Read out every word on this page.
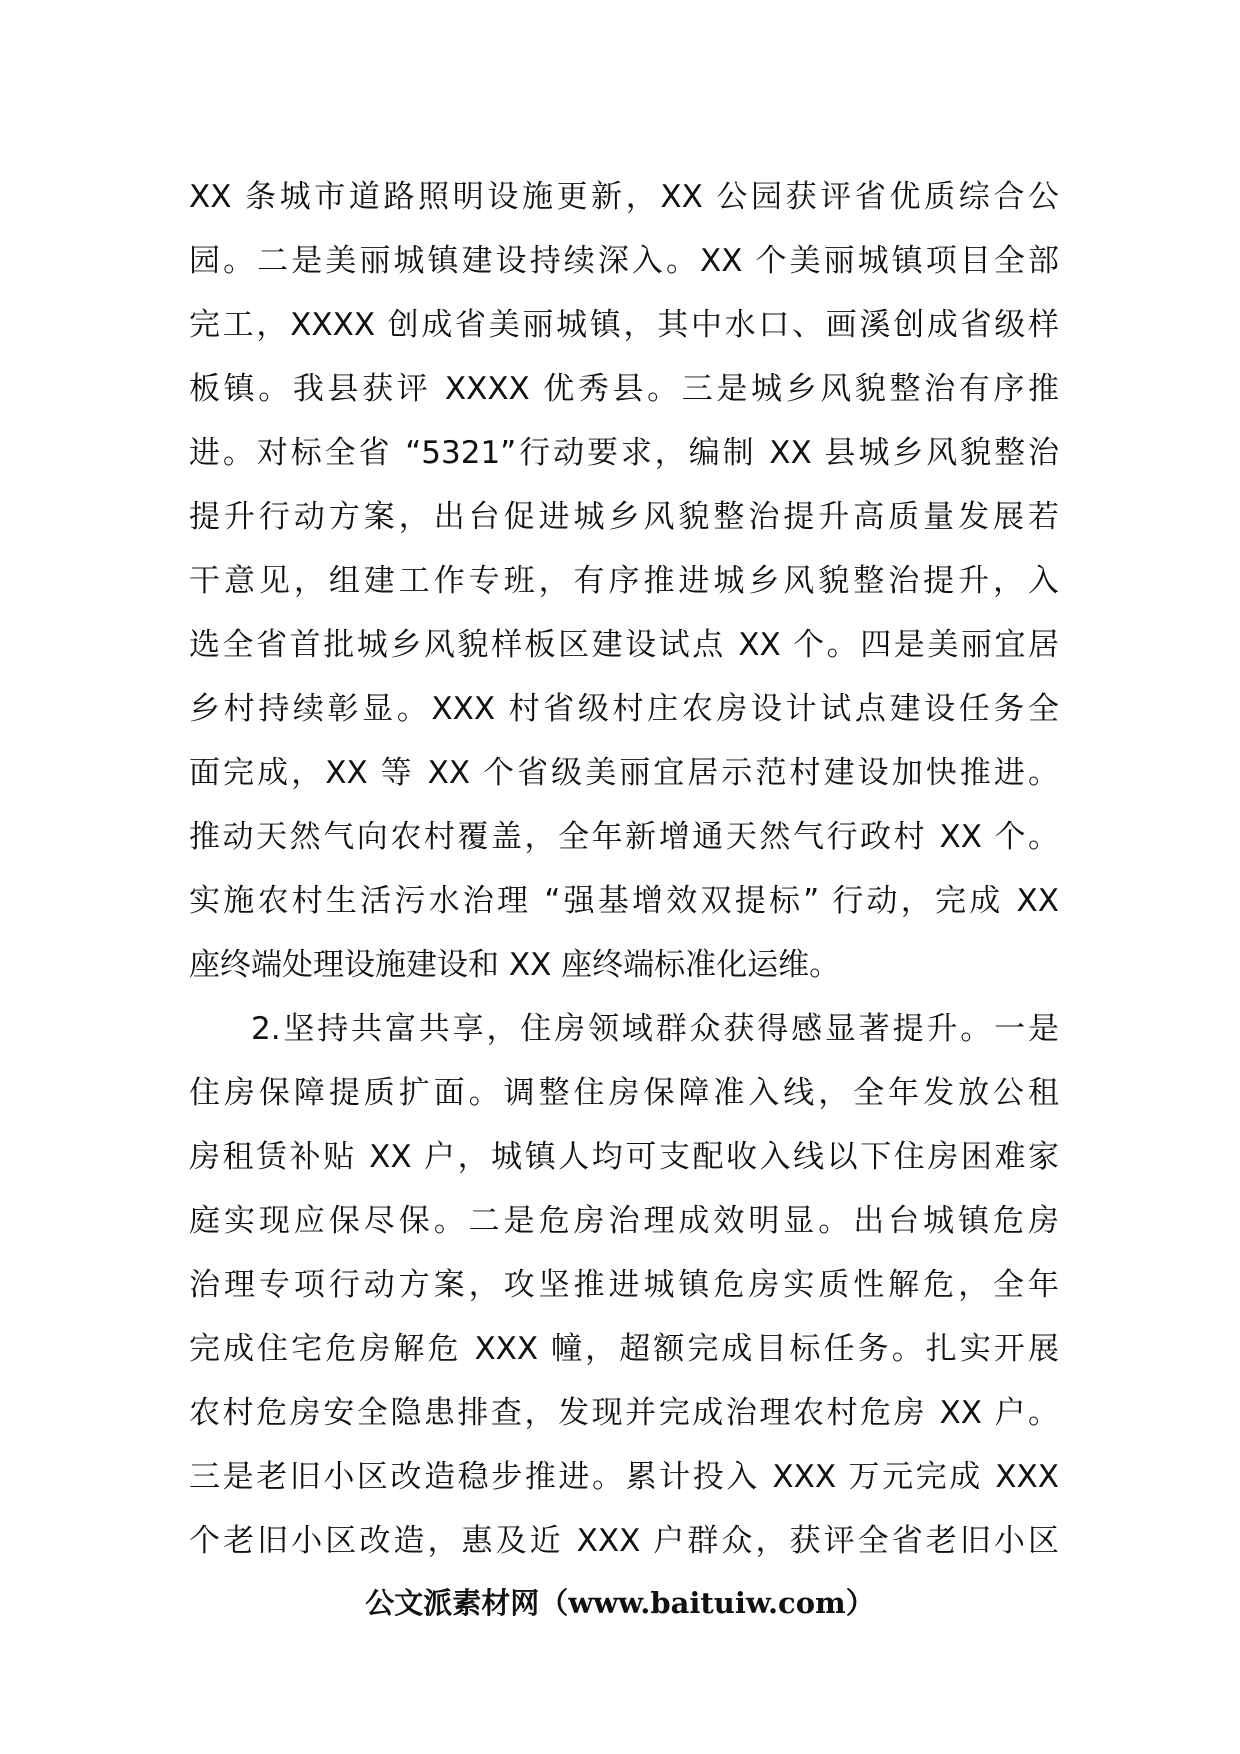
XX 条城市道路照明设施更新，XX 公园获评省优质综合公
园。二是美丽城镇建设持续深入。XX 个美丽城镇项目全部
完工，XXXX 创成省美丽城镇，其中水口、画溪创成省级样
板镇。我县获评 XXXX 优秀县。三是城乡风貌整治有序推
进。对标全省 “5321”行动要求，编制 XX 县城乡风貌整治
提升行动方案，出台促进城乡风貌整治提升高质量发展若
干意见，组建工作专班，有序推进城乡风貌整治提升，入
选全省首批城乡风貌样板区建设试点 XX 个。四是美丽宜居
乡村持续彰显。XXX 村省级村庄农房设计试点建设任务全
面完成，XX 等 XX 个省级美丽宜居示范村建设加快推进。
推动天然气向农村覆盖，全年新增通天然气行政村 XX 个。
实施农村生活污水治理 “强基增效双提标” 行动，完成 XX
座终端处理设施建设和 XX 座终端标准化运维。
2.坚持共富共享，住房领域群众获得感显著提升。一是
住房保障提质扩面。调整住房保障准入线，全年发放公租
房租赁补贴 XX 户，城镇人均可支配收入线以下住房困难家
庭实现应保尽保。二是危房治理成效明显。出台城镇危房
治理专项行动方案，攻坚推进城镇危房实质性解危，全年
完成住宅危房解危 XXX 幢，超额完成目标任务。扎实开展
农村危房安全隐患排查，发现并完成治理农村危房 XX 户。
三是老旧小区改造稳步推进。累计投入 XXX 万元完成 XXX
个老旧小区改造，惠及近 XXX 户群众，获评全省老旧小区
公文派素材网（www.baituiw.com）
